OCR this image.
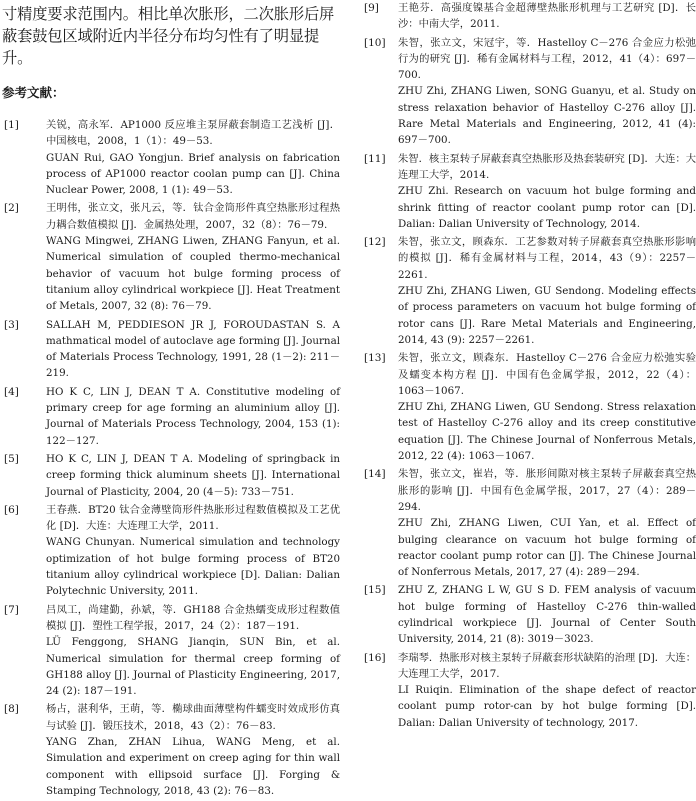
寸精度要求范围内。相比单次胀形，二次胀形后屏蔽套鼓包区域附近内半径分布均匀性有了明显提升。
参考文献：
[1]	关锐，高永军．AP1000 反应堆主泵屏蔽套制造工艺浅析 [J]．中国核电，2008，1（1）：49－53.

GUAN Rui, GAO Yongjun. Brief analysis on fabrication process of AP1000 reactor coolan pump can [J]. China Nuclear Power, 2008, 1 (1): 49－53.

[2]	王明伟，张立文，张凡云，等．钛合金筒形件真空热胀形过程热力耦合数值模拟 [J]．金属热处理，2007，32（8）：76－79.

WANG Mingwei, ZHANG Liwen, ZHANG Fanyun, et al. Numerical simulation of coupled thermo-mechanical behavior of vacuum hot bulge forming process of titanium alloy cylindrical workpiece [J]. Heat Treatment of Metals, 2007, 32 (8): 76－79.

[3]	SALLAH M, PEDDIESON JR J, FOROUDASTAN S. A mathmatical model of autoclave age forming [J]. Journal of Materials Process Technology, 1991, 28 (1－2): 211－219.

[4]	HO K C, LIN J, DEAN T A. Constitutive modeling of primary creep for age forming an aluminium alloy [J]. Journal of Materials Process Technology, 2004, 153 (1): 122－127.

[5]	HO K C, LIN J, DEAN T A. Modeling of springback in creep forming thick aluminum sheets [J]. International Journal of Plasticity, 2004, 20 (4－5): 733－751.

[6]	王春燕．BT20 钛合金薄壁筒形件热胀形过程数值模拟及工艺优化 [D]．大连：大连理工大学，2011.

WANG Chunyan. Numerical simulation and technology optimization of hot bulge forming process of BT20 titanium alloy cylindrical workpiece [D]. Dalian: Dalian Polytechnic University, 2011.

[7]	吕凤工，尚建勤，孙斌，等．GH188 合金热蠕变成形过程数值模拟 [J]．塑性工程学报，2017，24（2）：187－191.

LÜ Fenggong, SHANG Jianqin, SUN Bin, et al. Numerical simulation for thermal creep forming of GH188 alloy [J]. Journal of Plasticity Engineering, 2017, 24 (2): 187－191.

[8]	杨占，湛利华，王萌，等．椭球曲面薄壁构件蠕变时效成形仿真与试验 [J]．锻压技术，2018，43（2）：76－83.

YANG Zhan, ZHAN Lihua, WANG Meng, et al. Simulation and experiment on creep aging for thin wall component with ellipsoid surface [J]. Forging & Stamping Technology, 2018, 43 (2): 76－83.

[9] 王艳芬．高强度镍基合金超薄壁热胀形机理与工艺研究 [D]．长沙：中南大学，2011.

[10] 朱智，张立文，宋冠宇，等．Hastelloy C－276 合金应力松弛行为的研究 [J]．稀有金属材料与工程，2012，41（4）：697－700.

ZHU Zhi, ZHANG Liwen, SONG Guanyu, et al. Study on stress relaxation behavior of Hastelloy C-276 alloy [J]. Rare Metal Materials and Engineering, 2012, 41 (4): 697－700.

[11] 朱智．核主泵转子屏蔽套真空热胀形及热套装研究 [D]．大连：大连理工大学，2014.

ZHU Zhi. Research on vacuum hot bulge forming and shrink fitting of reactor coolant pump rotor can [D]. Dalian: Dalian University of Technology, 2014.

[12] 朱智，张立文，顾森东．工艺参数对转子屏蔽套真空热胀形影响的模拟 [J]．稀有金属材料与工程，2014，43（9）：2257－2261.

ZHU Zhi, ZHANG Liwen, GU Sendong. Modeling effects of process parameters on vacuum hot bulge forming of rotor cans [J]. Rare Metal Materials and Engineering, 2014, 43 (9): 2257－2261.

[13] 朱智，张立文，顾森东．Hastelloy C－276 合金应力松弛实验及蠕变本构方程 [J]．中国有色金属学报，2012，22（4）：1063－1067.

ZHU Zhi, ZHANG Liwen, GU Sendong. Stress relaxation test of Hastelloy C-276 alloy and its creep constitutive equation [J]. The Chinese Journal of Nonferrous Metals, 2012, 22 (4): 1063－1067.

[14] 朱智，张立文，崔岩，等．胀形间隙对核主泵转子屏蔽套真空热胀形的影响 [J]．中国有色金属学报，2017，27（4）：289－294.

ZHU Zhi, ZHANG Liwen, CUI Yan, et al. Effect of bulging clearance on vacuum hot bulge forming of reactor coolant pump rotor can [J]. The Chinese Journal of Nonferrous Metals, 2017, 27 (4): 289－294.

[15] ZHU Z, ZHANG L W, GU S D. FEM analysis of vacuum hot bulge forming of Hastelloy C-276 thin-walled cylindrical workpiece [J]. Journal of Center South University, 2014, 21 (8): 3019－3023.

[16] 李瑞琴．热胀形对核主泵转子屏蔽套形状缺陷的治理 [D]．大连：大连理工大学，2017.

LI Ruiqin. Elimination of the shape defect of reactor coolant pump rotor-can by hot bulge forming [D]. Dalian: Dalian University of technology, 2017.
